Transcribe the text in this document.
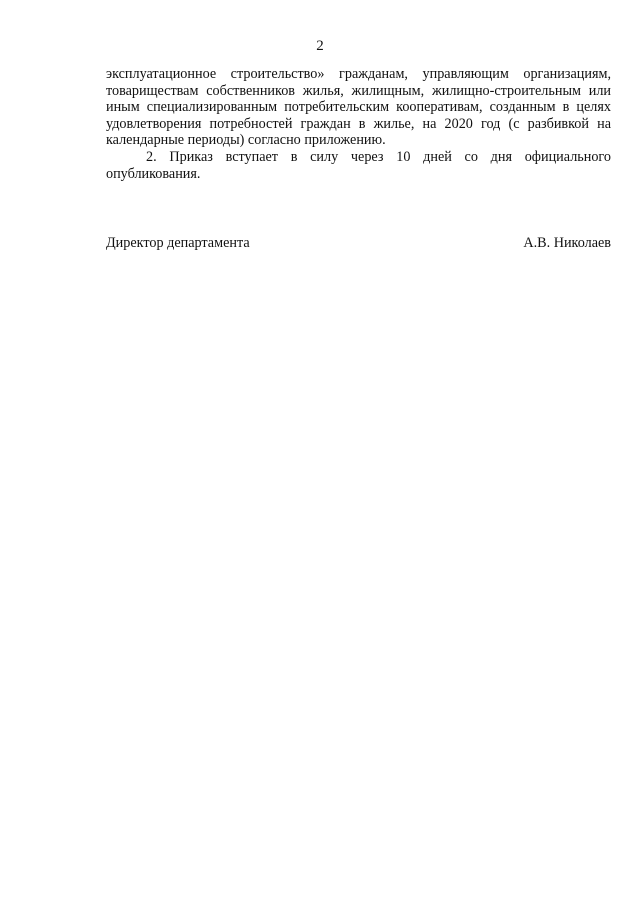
2

эксплуатационное строительство» гражданам, управляющим организациям, товариществам собственников жилья, жилищным, жилищно-строительным или иным специализированным потребительским кооперативам, созданным в целях удовлетворения потребностей граждан в жилье, на 2020 год (с разбивкой на календарные периоды) согласно приложению.

2. Приказ вступает в силу через 10 дней со дня официального опубликования.

Директор департамента	А.В. Николаев
